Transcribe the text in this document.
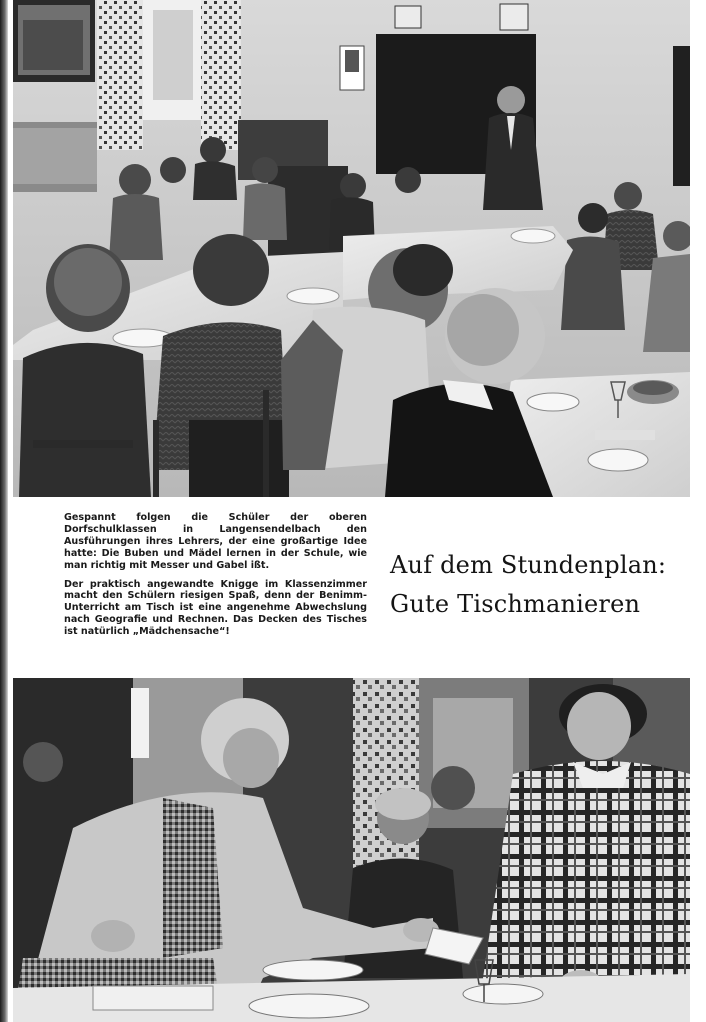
Gespannt folgen die Schüler der oberen Dorfschulklassen in Langensendelbach den Ausführungen ihres Lehrers, der eine großartige Idee hatte: Die Buben und Mädel lernen in der Schule, wie man richtig mit Messer und Gabel ißt.

Der praktisch angewandte Knigge im Klassenzimmer macht den Schülern riesigen Spaß, denn der Benimm-Unterricht am Tisch ist eine angenehme Abwechslung nach Geografie und Rechnen. Das Decken des Tisches ist natürlich „Mädchensache“!

Auf dem Stundenplan:
Gute Tischmanieren
